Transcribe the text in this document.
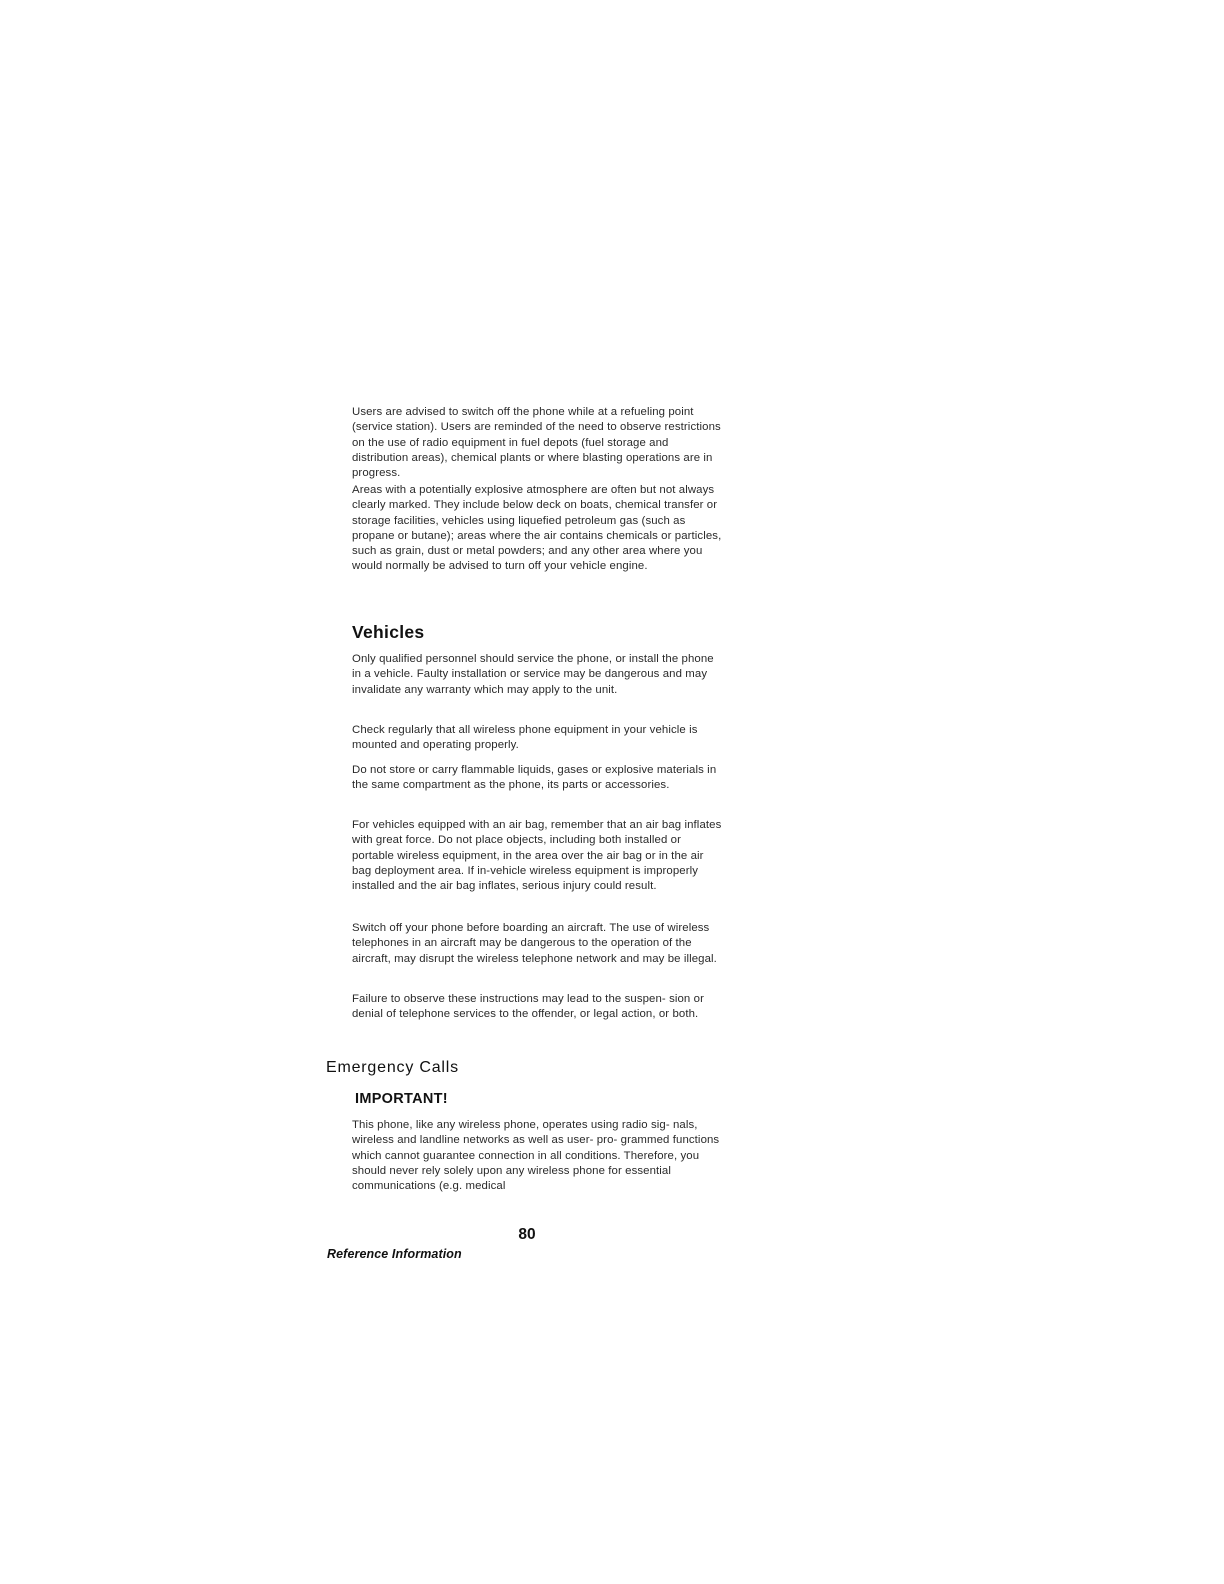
Users are advised to switch off the phone while at a refueling point (service station). Users are reminded of the need to observe restrictions on the use of radio equipment in fuel depots (fuel storage and distribution areas), chemical plants or where blasting operations are in progress.

Areas with a potentially explosive atmosphere are often but not always clearly marked. They include below deck on boats, chemical transfer or storage facilities, vehicles using liquefied petroleum gas (such as propane or butane); areas where the air contains chemicals or particles, such as grain, dust or metal powders; and any other area where you would normally be advised to turn off your vehicle engine.

Vehicles

Only qualified personnel should service the phone, or install the phone in a vehicle. Faulty installation or service may be dangerous and may invalidate any warranty which may apply to the unit.

Check regularly that all wireless phone equipment in your vehicle is mounted and operating properly.

Do not store or carry flammable liquids, gases or explosive materials in the same compartment as the phone, its parts or accessories.

For vehicles equipped with an air bag, remember that an air bag inflates with great force. Do not place objects, including both installed or portable wireless equipment, in the area over the air bag or in the air bag deployment area. If in-vehicle wireless equipment is improperly installed and the air bag inflates, serious injury could result.

Switch off your phone before boarding an aircraft. The use of wireless telephones in an aircraft may be dangerous to the operation of the aircraft, may disrupt the wireless telephone network and may be illegal.

Failure to observe these instructions may lead to the suspen- sion or denial of telephone services to the offender, or legal action, or both.

Emergency Calls
IMPORTANT!

This phone, like any wireless phone, operates using radio sig- nals, wireless and landline networks as well as user- pro- grammed functions which cannot guarantee connection in all conditions. Therefore, you should never rely solely upon any wireless phone for essential communications (e.g. medical

80
Reference Information
